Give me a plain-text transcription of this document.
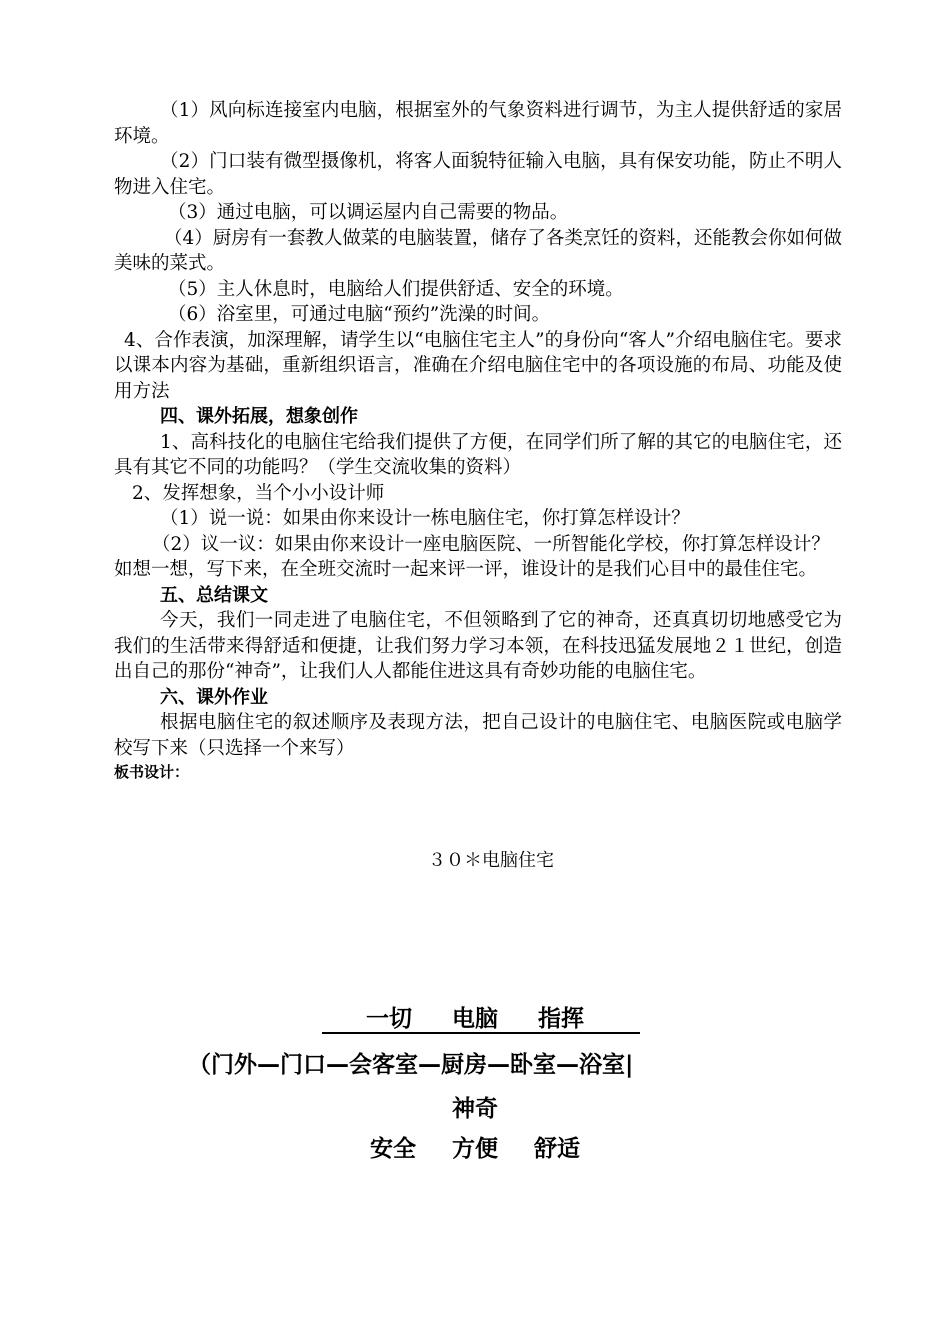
（1）风向标连接室内电脑，根据室外的气象资料进行调节，为主人提供舒适的家居环境。

（2）门口装有微型摄像机，将客人面貌特征输入电脑，具有保安功能，防止不明人物进入住宅。

（3）通过电脑，可以调运屋内自己需要的物品。

（4）厨房有一套教人做菜的电脑装置，储存了各类烹饪的资料，还能教会你如何做美味的菜式。

（5）主人休息时，电脑给人们提供舒适、安全的环境。

（6）浴室里，可通过电脑“预约”洗澡的时间。

4、合作表演，加深理解，请学生以“电脑住宅主人”的身份向“客人”介绍电脑住宅。要求以课本内容为基础，重新组织语言，准确在介绍电脑住宅中的各项设施的布局、功能及使用方法

四、课外拓展，想象创作

1、高科技化的电脑住宅给我们提供了方便，在同学们所了解的其它的电脑住宅，还具有其它不同的功能吗？（学生交流收集的资料）

2、发挥想象，当个小小设计师

（1）说一说：如果由你来设计一栋电脑住宅，你打算怎样设计？

（2）议一议：如果由你来设计一座电脑医院、一所智能化学校，你打算怎样设计？

如想一想，写下来，在全班交流时一起来评一评，谁设计的是我们心目中的最佳住宅。

五、总结课文

今天，我们一同走进了电脑住宅，不但领略到了它的神奇，还真真切切地感受它为我们的生活带来得舒适和便捷，让我们努力学习本领，在科技迅猛发展地２１世纪，创造出自己的那份“神奇”，让我们人人都能住进这具有奇妙功能的电脑住宅。

六、课外作业

根据电脑住宅的叙述顺序及表现方法，把自己设计的电脑住宅、电脑医院或电脑学校写下来（只选择一个来写）

板书设计：

３０＊电脑住宅
一切 电脑 指挥
（门外—门口—会客室—厨房—卧室—浴室|
神奇
安全 方便 舒适
